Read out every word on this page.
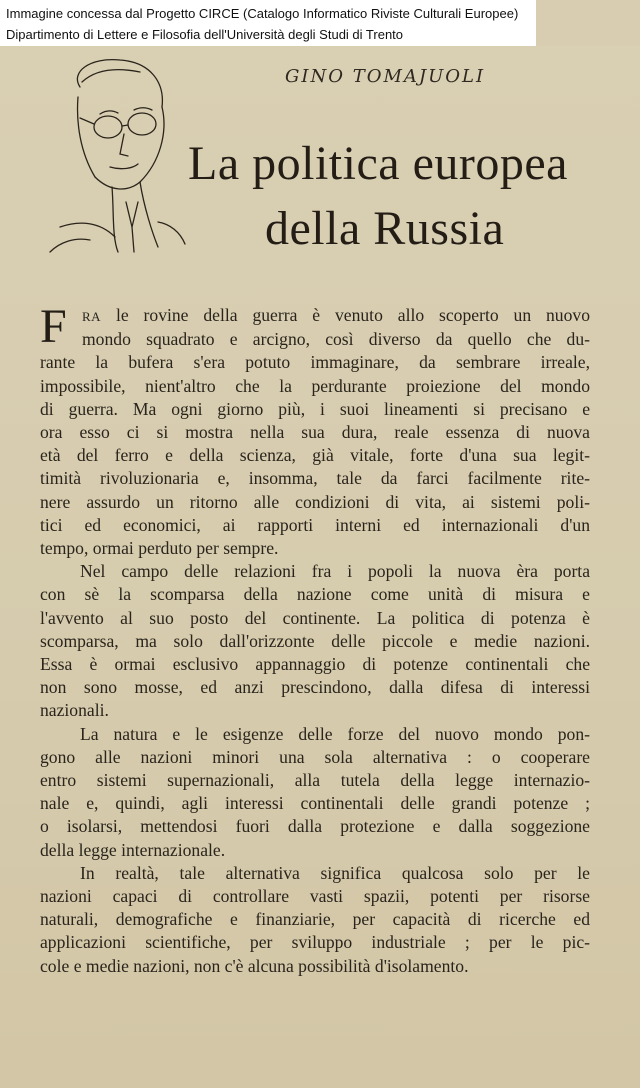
Immagine concessa dal Progetto CIRCE (Catalogo Informatico Riviste Culturali Europee)
Dipartimento di Lettere e Filosofia dell'Università degli Studi di Trento
GINO TOMAJUOLI
La politica europea
della Russia
F	RA le rovine della guerra è venuto allo scoperto un nuovo
mondo squadrato e arcigno, così diverso da quello che du-
rante la bufera s'era potuto immaginare, da sembrare irreale,
impossibile, nient'altro che la perdurante proiezione del mondo
di guerra. Ma ogni giorno più, i suoi lineamenti si precisano e
ora esso ci si mostra nella sua dura, reale essenza di nuova
età del ferro e della scienza, già vitale, forte d'una sua legit-
timità rivoluzionaria e, insomma, tale da farci facilmente rite-
nere assurdo un ritorno alle condizioni di vita, ai sistemi poli-
tici ed economici, ai rapporti interni ed internazionali d'un
tempo, ormai perduto per sempre.
Nel campo delle relazioni fra i popoli la nuova èra porta
con sè la scomparsa della nazione come unità di misura e
l'avvento al suo posto del continente. La politica di potenza è
scomparsa, ma solo dall'orizzonte delle piccole e medie nazioni.
Essa è ormai esclusivo appannaggio di potenze continentali che
non sono mosse, ed anzi prescindono, dalla difesa di interessi
nazionali.
La natura e le esigenze delle forze del nuovo mondo pon-
gono alle nazioni minori una sola alternativa : o cooperare
entro sistemi supernazionali, alla tutela della legge internazio-
nale e, quindi, agli interessi continentali delle grandi potenze ;
o isolarsi, mettendosi fuori dalla protezione e dalla soggezione
della legge internazionale.
In realtà, tale alternativa significa qualcosa solo per le
nazioni capaci di controllare vasti spazii, potenti per risorse
naturali, demografiche e finanziarie, per capacità di ricerche ed
applicazioni scientifiche, per sviluppo industriale ; per le pic-
cole e medie nazioni, non c'è alcuna possibilità d'isolamento.
